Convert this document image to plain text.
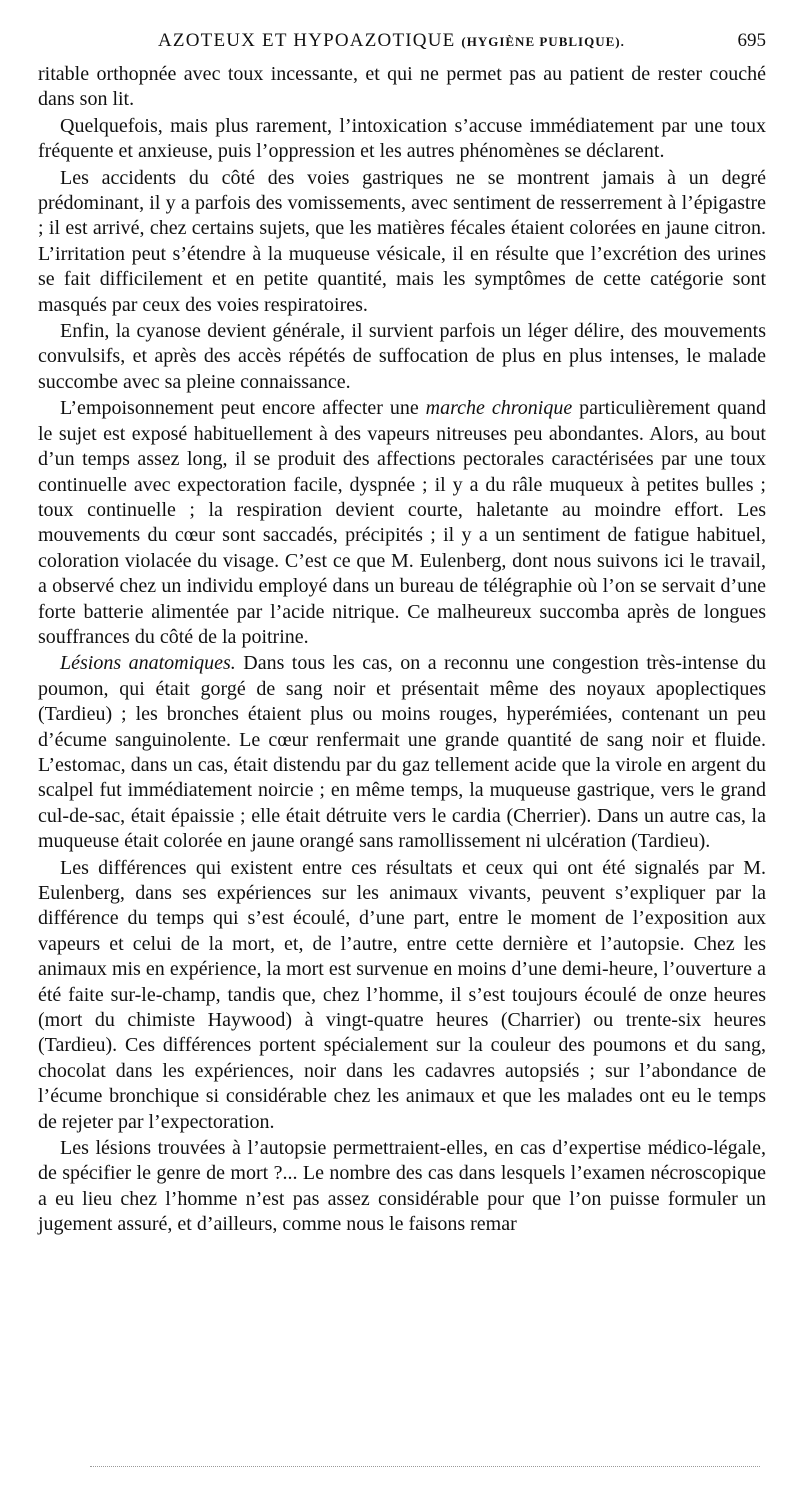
AZOTEUX ET HYPOAZOTIQUE (HYGIÈNE PUBLIQUE).	695

ritable orthopnée avec toux incessante, et qui ne permet pas au patient de rester couché dans son lit.

Quelquefois, mais plus rarement, l’intoxication s’accuse immédiatement par une toux fréquente et anxieuse, puis l’oppression et les autres phénomènes se déclarent.

Les accidents du côté des voies gastriques ne se montrent jamais à un degré prédominant, il y a parfois des vomissements, avec sentiment de resserrement à l’épigastre ; il est arrivé, chez certains sujets, que les matières fécales étaient colorées en jaune citron. L’irritation peut s’étendre à la muqueuse vésicale, il en résulte que l’excrétion des urines se fait difficilement et en petite quantité, mais les symptômes de cette catégorie sont masqués par ceux des voies respiratoires.

Enfin, la cyanose devient générale, il survient parfois un léger délire, des mouvements convulsifs, et après des accès répétés de suffocation de plus en plus intenses, le malade succombe avec sa pleine connaissance.

L’empoisonnement peut encore affecter une marche chronique particulièrement quand le sujet est exposé habituellement à des vapeurs nitreuses peu abondantes. Alors, au bout d’un temps assez long, il se produit des affections pectorales caractérisées par une toux continuelle avec expectoration facile, dyspnée ; il y a du râle muqueux à petites bulles ; toux continuelle ; la respiration devient courte, haletante au moindre effort. Les mouvements du cœur sont saccadés, précipités ; il y a un sentiment de fatigue habituel, coloration violacée du visage. C’est ce que M. Eulenberg, dont nous suivons ici le travail, a observé chez un individu employé dans un bureau de télégraphie où l’on se servait d’une forte batterie alimentée par l’acide nitrique. Ce malheureux succomba après de longues souffrances du côté de la poitrine.

Lésions anatomiques. Dans tous les cas, on a reconnu une congestion très-intense du poumon, qui était gorgé de sang noir et présentait même des noyaux apoplectiques (Tardieu) ; les bronches étaient plus ou moins rouges, hyperémiées, contenant un peu d’écume sanguinolente. Le cœur renfermait une grande quantité de sang noir et fluide. L’estomac, dans un cas, était distendu par du gaz tellement acide que la virole en argent du scalpel fut immédiatement noircie ; en même temps, la muqueuse gastrique, vers le grand cul-de-sac, était épaissie ; elle était détruite vers le cardia (Cherrier). Dans un autre cas, la muqueuse était colorée en jaune orangé sans ramollissement ni ulcération (Tardieu).

Les différences qui existent entre ces résultats et ceux qui ont été signalés par M. Eulenberg, dans ses expériences sur les animaux vivants, peuvent s’expliquer par la différence du temps qui s’est écoulé, d’une part, entre le moment de l’exposition aux vapeurs et celui de la mort, et, de l’autre, entre cette dernière et l’autopsie. Chez les animaux mis en expérience, la mort est survenue en moins d’une demi-heure, l’ouverture a été faite sur-le-champ, tandis que, chez l’homme, il s’est toujours écoulé de onze heures (mort du chimiste Haywood) à vingt-quatre heures (Charrier) ou trente-six heures (Tardieu). Ces différences portent spécialement sur la couleur des poumons et du sang, chocolat dans les expériences, noir dans les cadavres autopsiés ; sur l’abondance de l’écume bronchique si considérable chez les animaux et que les malades ont eu le temps de rejeter par l’expectoration.

Les lésions trouvées à l’autopsie permettraient-elles, en cas d’expertise médico-légale, de spécifier le genre de mort ?... Le nombre des cas dans lesquels l’examen nécroscopique a eu lieu chez l’homme n’est pas assez considérable pour que l’on puisse formuler un jugement assuré, et d’ailleurs, comme nous le faisons remar
